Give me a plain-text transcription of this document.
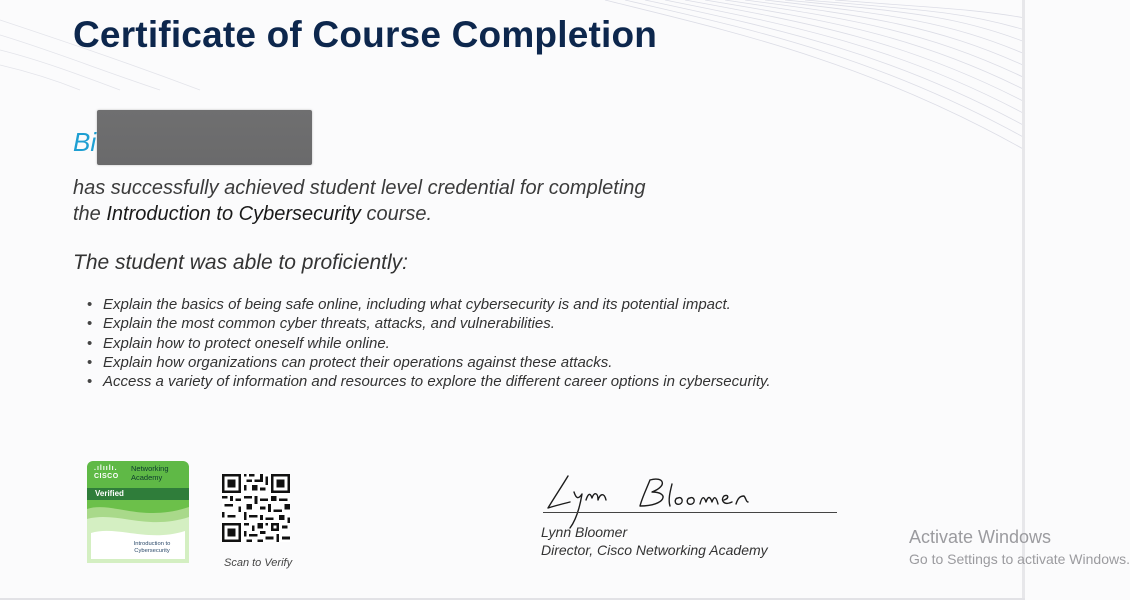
Certificate of Course Completion
Bi
has successfully achieved student level credential for completing
the Introduction to Cybersecurity course.
The student was able to proficiently:
• Explain the basics of being safe online, including what cybersecurity is and its potential impact.
• Explain the most common cyber threats, attacks, and vulnerabilities.
• Explain how to protect oneself while online.
• Explain how organizations can protect their operations against these attacks.
• Access a variety of information and resources to explore the different career options in cybersecurity.
.ılıılı.
CISCO
Networking
Academy
Verified
Introduction to
Cybersecurity
Scan to Verify
Lynn Bloomer
Director, Cisco Networking Academy
Activate Windows
Go to Settings to activate Windows.
